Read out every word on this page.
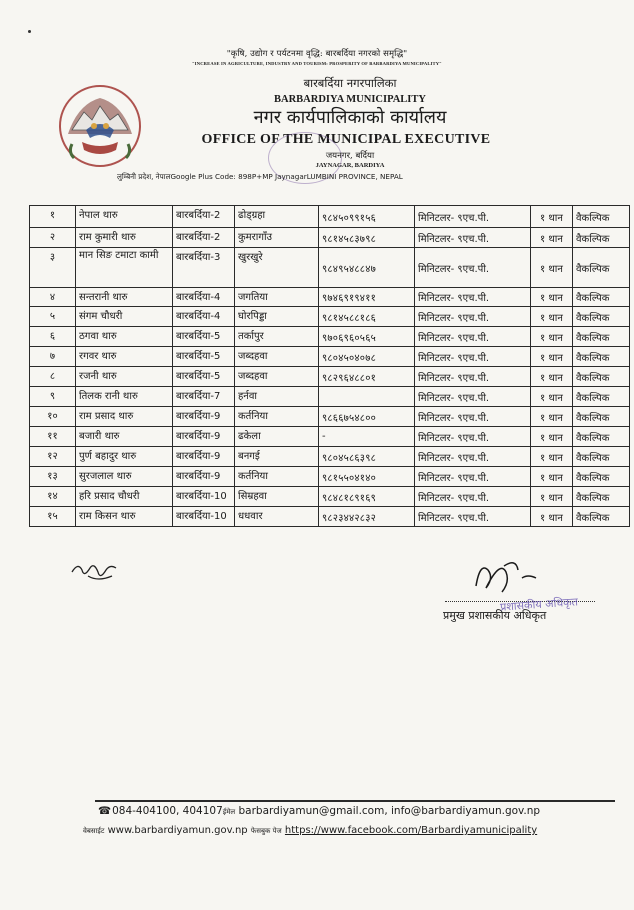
"कृषि, उद्योग र पर्यटनमा वृद्धि: बारबर्दिया नगरको समृद्धि"
"INCREASE IN AGRICULTURE, INDUSTRY AND TOURISM: PROSPERITY OF BARBARDIYA MUNICIPALITY"
बारबर्दिया नगरपालिका
BARBARDIYA MUNICIPALITY
नगर कार्यपालिकाको कार्यालय
OFFICE OF THE MUNICIPAL EXECUTIVE
जयनगर, बर्दिया
JAYNAGAR, BARDIYA
लुम्बिनी प्रदेश, नेपालGoogle Plus Code: 898P+MP JaynagarLUMBINI PROVINCE, NEPAL
१	नेपाल थारु	बारबर्दिया-2	ढोड्‌ग्रहा	९८४५०९९१५६	मिनिटलर- ९एच.पी.	१ थान	वैकल्पिक
२	राम कुमारी थारु	बारबर्दिया-2	कुमरागाँउ	९८१४५८३७९८	मिनिटलर- ९एच.पी.	१ थान	वैकल्पिक
३	मान सिङ टमाटा कामी	बारबर्दिया-3	खुरखुरे	९८४९५४८८४७	मिनिटलर- ९एच.पी.	१ थान	वैकल्पिक
४	सन्तरानी थारु	बारबर्दिया-4	जगतिया	९७४६९१९४११	मिनिटलर- ९एच.पी.	१ थान	वैकल्पिक
५	संगम चौधरी	बारबर्दिया-4	घोरपिड्डा	९८१४५८८१८६	मिनिटलर- ९एच.पी.	१ थान	वैकल्पिक
६	ठगवा थारु	बारबर्दिया-5	तर्कापुर	९७०६९६०५६५	मिनिटलर- ९एच.पी.	१ थान	वैकल्पिक
७	रगवर थारु	बारबर्दिया-5	जब्दहवा	९८०४५०४०७८	मिनिटलर- ९एच.पी.	१ थान	वैकल्पिक
८	रजनी थारु	बारबर्दिया-5	जब्दहवा	९८२९६४८८०१	मिनिटलर- ९एच.पी.	१ थान	वैकल्पिक
९	तिलक रानी थारु	बारबर्दिया-7	हर्नवा		मिनिटलर- ९एच.पी.	१ थान	वैकल्पिक
१०	राम प्रसाद थारु	बारबर्दिया-9	कर्तनिया	९८६६७५४८००	मिनिटलर- ९एच.पी.	१ थान	वैकल्पिक
११	बजारी थारु	बारबर्दिया-9	ढकेला	-	मिनिटलर- ९एच.पी.	१ थान	वैकल्पिक
१२	पुर्ण बहादुर थारु	बारबर्दिया-9	बनगई	९८०४५८६३९८	मिनिटलर- ९एच.पी.	१ थान	वैकल्पिक
१३	सुरजलाल थारु	बारबर्दिया-9	कर्तनिया	९८१५५०४१४०	मिनिटलर- ९एच.पी.	१ थान	वैकल्पिक
१४	हरि प्रसाद चौधरी	बारबर्दिया-10	सिम्रहवा	९८४८१८९१६९	मिनिटलर- ९एच.पी.	१ थान	वैकल्पिक
१५	राम किसन थारु	बारबर्दिया-10	धधवार	९८२३४४२८३२	मिनिटलर- ९एच.पी.	१ थान	वैकल्पिक
प्रशासकीय अधिकृत
प्रमुख प्रशासकीय अधिकृत
☎084-404100, 404107ईमेल barbardiyamun@gmail.com, info@barbardiyamun.gov.np
वेबसाईट www.barbardiyamun.gov.np फेसबुक पेज https://www.facebook.com/Barbardiyamunicipality
